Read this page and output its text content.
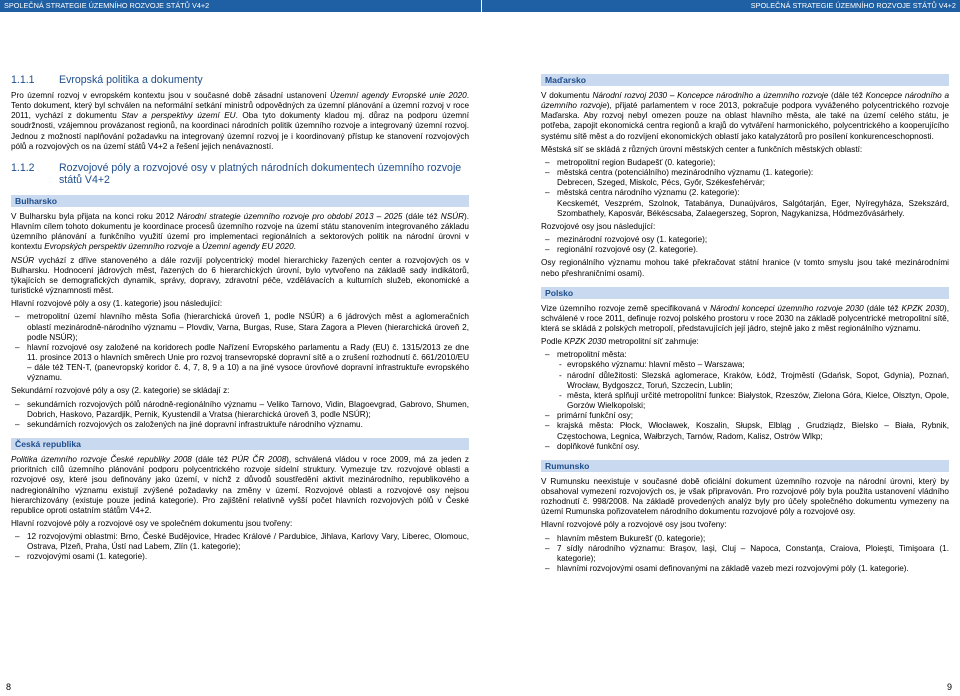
SPOLEČNÁ STRATEGIE ÚZEMNÍHO ROZVOJE STÁTŮ V4+2	SPOLEČNÁ STRATEGIE ÚZEMNÍHO ROZVOJE STÁTŮ V4+2
1.1.1 Evropská politika a dokumenty

Pro územní rozvoj v evropském kontextu jsou v současné době zásadní ustanovení Územní agendy Evropské unie 2020. Tento dokument, který byl schválen na neformální setkání ministrů odpovědných za územní plánování a územní rozvoj v roce 2011, vychází z dokumentu Stav a perspektivy území EU. Oba tyto dokumenty kladou mj. důraz na podporu územní soudržnosti, vzájemnou provázanost regionů, na koordinaci národních politik územního rozvoje a integrovaný územní rozvoj. Jednou z možností naplňování požadavku na integrovaný územní rozvoj je i koordinovaný přístup ke stanovení rozvojových pólů a rozvojových os na území států V4+2 a řešení jejich nenávazností.

1.1.2 Rozvojové póly a rozvojové osy v platných národních dokumentech územního rozvoje států V4+2
Bulharsko

V Bulharsku byla přijata na konci roku 2012 Národní strategie územního rozvoje pro období 2013 – 2025 (dále též NSÚR). Hlavním cílem tohoto dokumentu je koordinace procesů územního rozvoje na území státu stanovením integrovaného základu územního plánování a funkčního využití území pro implementaci regionálních a sektorových politik na národní úrovni v kontextu Evropských perspektiv územního rozvoje a Územní agendy EU 2020.

NSÚR vychází z dříve stanoveného a dále rozvíjí polycentrický model hierarchicky řazených center a rozvojových os v Bulharsku. Hodnocení jádrových měst, řazených do 6 hierarchických úrovní, bylo vytvořeno na základě sady indikátorů, týkajících se demografických dynamik, správy, dopravy, zdravotní péče, vzdělávacích a kulturních služeb, ekonomické a turistické významnosti měst.

Hlavní rozvojové póly a osy (1. kategorie) jsou následující:

– metropolitní území hlavního města Sofia (hierarchická úroveň 1, podle NSÚR) a 6 jádrových měst a aglomeračních oblastí mezinárodně-národního významu – Plovdiv, Varna, Burgas, Ruse, Stara Zagora a Pleven (hierarchická úroveň 2, podle NSÚR);
– hlavní rozvojové osy založené na koridorech podle Nařízení Evropského parlamentu a Rady (EU) č. 1315/2013 ze dne 11. prosince 2013 o hlavních směrech Unie pro rozvoj transevropské dopravní sítě a o zrušení rozhodnutí č. 661/2010/EU – dále též TEN-T, (panevropský koridor č. 4, 7, 8, 9 a 10) a na jiné vysoce úrovňové dopravní infrastruktuře evropského významu.

Sekundární rozvojové póly a osy (2. kategorie) se skládají z:

– sekundárních rozvojových pólů národně-regionálního významu – Veliko Tarnovo, Vidin, Blagoevgrad, Gabrovo, Shumen, Dobrich, Haskovo, Pazardjik, Pernik, Kyustendil a Vratsa (hierarchická úroveň 3, podle NSÚR);
– sekundárních rozvojových os založených na jiné dopravní infrastruktuře národního významu.
Česká republika

Politika územního rozvoje České republiky 2008 (dále též PÚR ČR 2008), schválená vládou v roce 2009, má za jeden z prioritních cílů územního plánování podporu polycentrického rozvoje sídelní struktury. Vymezuje tzv. rozvojové oblasti a rozvojové osy, které jsou definovány jako území, v nichž z důvodů soustředění aktivit mezinárodního, republikového a nadregionálního významu existují zvýšené požadavky na změny v území. Rozvojové oblasti a rozvojové osy nejsou hierarchizovány (existuje pouze jediná kategorie). Pro zajištění relativně vyšší počet hlavních rozvojových pólů v České republice oproti ostatním státům V4+2.

Hlavní rozvojové póly a rozvojové osy ve společném dokumentu jsou tvořeny:

– 12 rozvojovými oblastmi: Brno, České Budějovice, Hradec Králové / Pardubice, Jihlava, Karlovy Vary, Liberec, Olomouc, Ostrava, Plzeň, Praha, Ústí nad Labem, Zlín (1. kategorie);
– rozvojovými osami (1. kategorie).
Maďarsko

V dokumentu Národní rozvoj 2030 – Koncepce národního a územního rozvoje (dále též Koncepce národního a územního rozvoje), přijaté parlamentem v roce 2013, pokračuje podpora vyváženého polycentrického rozvoje Maďarska. Aby rozvoj nebyl omezen pouze na oblast hlavního města, ale také na území celého státu, je potřeba, zapojit ekonomická centra regionů a krajů do vytváření harmonického, polycentrického a kooperujícího systému sítě měst a do rozvíjení ekonomických oblastí jako katalyzátorů pro posílení konkurenceschopnosti.

Městská síť se skládá z různých úrovní městských center a funkčních městských oblastí:

– metropolitní region Budapešť (0. kategorie);
– městská centra (potenciálního) mezinárodního významu (1. kategorie):
Debrecen, Szeged, Miskolc, Pécs, Győr, Székesfehérvár;
– městská centra národního významu (2. kategorie):
Kecskemét, Veszprém, Szolnok, Tatabánya, Dunaújváros, Salgótarján, Eger, Nyíregyháza, Szekszárd, Szombathely, Kaposvár, Békéscsaba, Zalaegerszeg, Sopron, Nagykanizsa, Hódmezővásárhely.

Rozvojové osy jsou následující:

– mezinárodní rozvojové osy (1. kategorie);
– regionální rozvojové osy (2. kategorie).

Osy regionálního významu mohou také překračovat státní hranice (v tomto smyslu jsou také mezinárodními nebo přeshraničními osami).

Polsko

Vize územního rozvoje země specifikovaná v Národní koncepci územního rozvoje 2030 (dále též KPZK 2030), schválené v roce 2011, definuje rozvoj polského prostoru v roce 2030 na základě polycentrické metropolitní sítě, která se skládá z polských metropolí, představujících její jádro, stejně jako z měst regionálního významu.

Podle KPZK 2030 metropolitní síť zahrnuje:

– metropolitní města:
- evropského významu: hlavní město – Warszawa;
- národní důležitosti: Slezská aglomerace, Kraków, Łódź, Trojměstí (Gdańsk, Sopot, Gdynia), Poznań, Wrocław, Bydgoszcz, Toruń, Szczecin, Lublin;
- města, která splňují určité metropolitní funkce: Białystok, Rzeszów, Zielona Góra, Kielce, Olsztyn, Opole, Gorzów Wielkopolski;
– primární funkční osy;
– krajská města: Płock, Włocławek, Koszalin, Słupsk, Elbląg , Grudziądz, Bielsko – Biała, Rybnik, Częstochowa, Legnica, Wałbrzych, Tarnów, Radom, Kalisz, Ostrów Wlkp;
– doplňkové funkční osy.
Rumunsko

V Rumunsku neexistuje v současné době oficiální dokument územního rozvoje na národní úrovni, který by obsahoval vymezení rozvojových os, je však připravován. Pro rozvojové póly byla použita ustanovení vládního rozhodnutí č. 998/2008. Na základě provedených analýz byly pro účely společného dokumentu vymezeny na území Rumunska pořizovatelem národního dokumentu rozvojové póly a rozvojové osy.

Hlavní rozvojové póly a rozvojové osy jsou tvořeny:

– hlavním městem Bukurešť (0. kategorie);
– 7 sídly národního významu: Braşov, Iaşi, Cluj – Napoca, Constanţa, Craiova, Ploieşti, Timişoara (1. kategorie);
– hlavními rozvojovými osami definovanými na základě vazeb mezi rozvojovými póly (1. kategorie).
8	9
